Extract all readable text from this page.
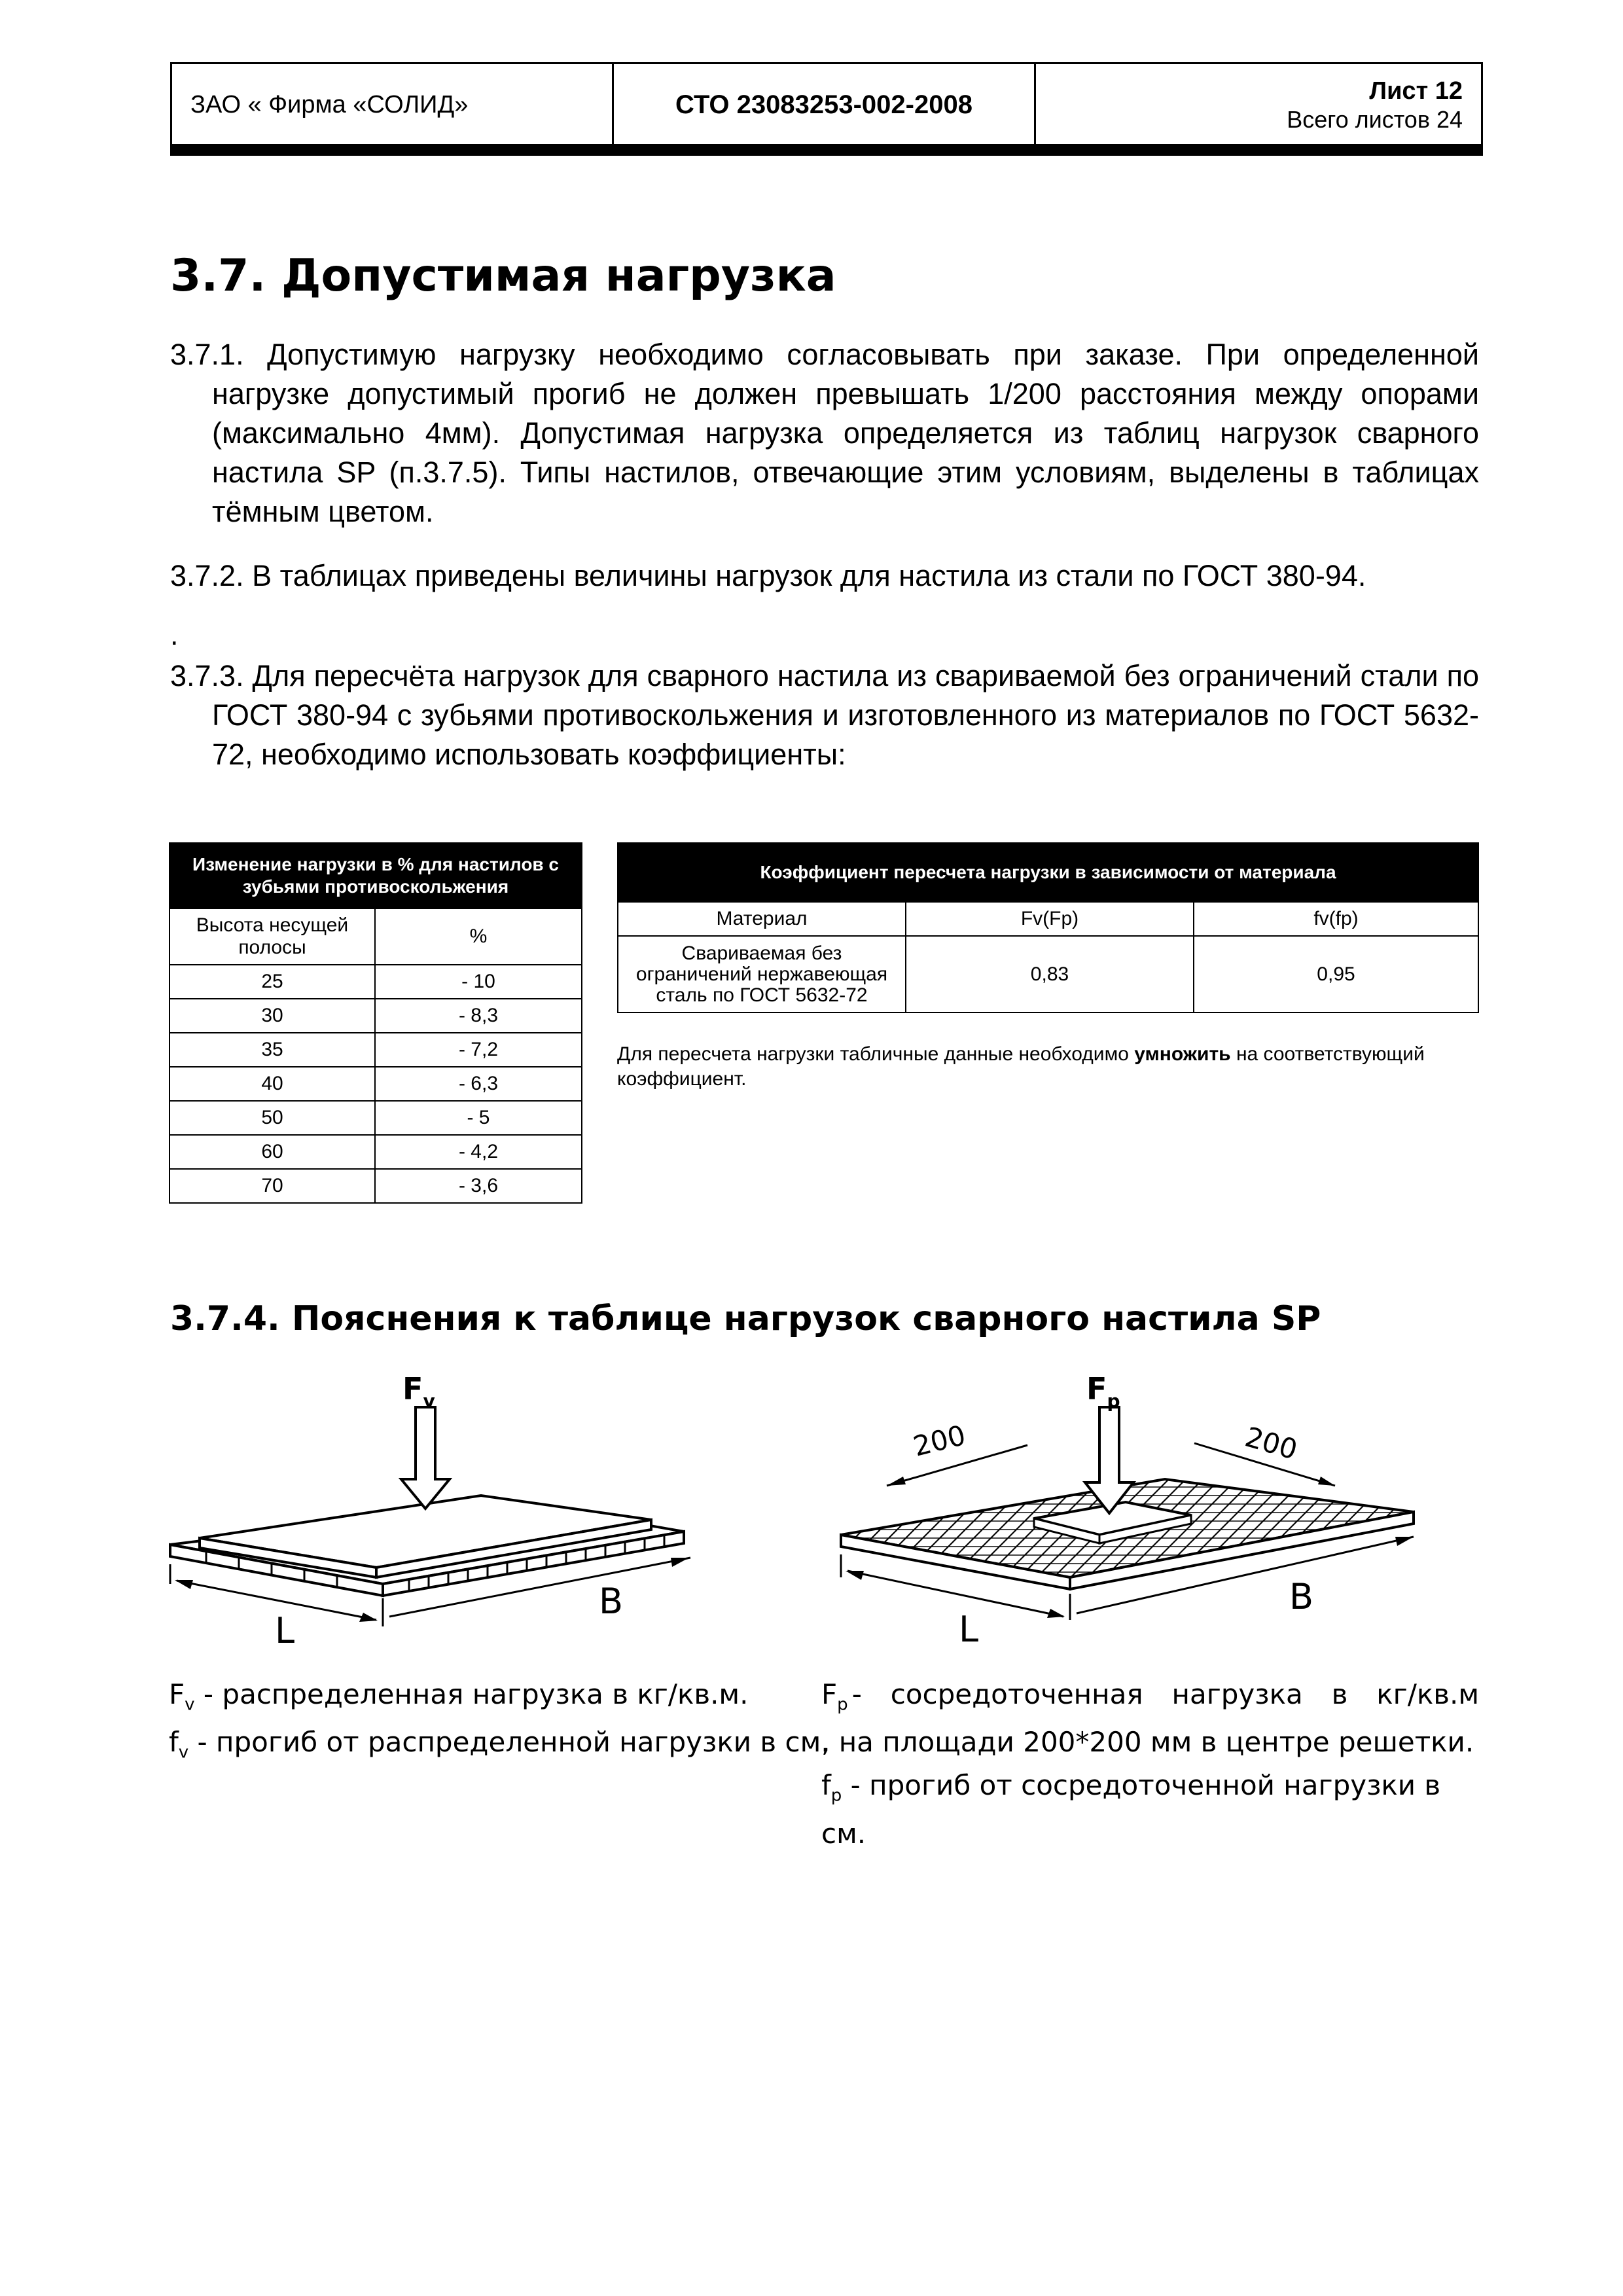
ЗАО « Фирма «СОЛИД»	СТО 23083253-002-2008	Лист 12
Всего листов 24
3.7. Допустимая нагрузка

3.7.1. Допустимую нагрузку необходимо согласовывать при заказе. При определенной нагрузке допустимый прогиб не должен превышать 1/200 расстояния между опорами (максимально 4мм). Допустимая нагрузка определяется из таблиц нагрузок сварного настила SP (п.3.7.5). Типы настилов, отвечающие этим условиям, выделены в таблицах тёмным цветом.

3.7.2. В таблицах приведены величины нагрузок для настила из стали по ГОСТ 380-94.

.

3.7.3. Для пересчёта нагрузок для сварного настила из свариваемой без ограничений стали по ГОСТ 380-94 с зубьями противоскольжения и изготовленного из материалов по ГОСТ 5632-72, необходимо использовать коэффициенты:

Изменение нагрузки в % для настилов с зубьями противоскольжения	
Высота несущей полосы	%
25	- 10
30	- 8,3
35	- 7,2
40	- 6,3
50	- 5
60	- 4,2
70	- 3,6
Коэффициент пересчета нагрузки в зависимости от материала		
Материал	Fv(Fp)	fv(fp)
Свариваемая без ограничений нержавеющая сталь по ГОСТ 5632-72	0,83	0,95
Для пересчета нагрузки табличные данные необходимо умножить на соответствующий коэффициент.
3.7.4. Пояснения к таблице нагрузок сварного настила SP
$F_v$
L
B
$F_p$
200	200
L
B
$F_v$ - распределенная нагрузка в кг/кв.м.
$f_v$ - прогиб от распределенной нагрузки в см.
$F_p$ - сосредоточенная нагрузка в кг/кв.м
, на площади 200*200 мм в центре решетки.
$f_p$ - прогиб от сосредоточенной нагрузки в см.
